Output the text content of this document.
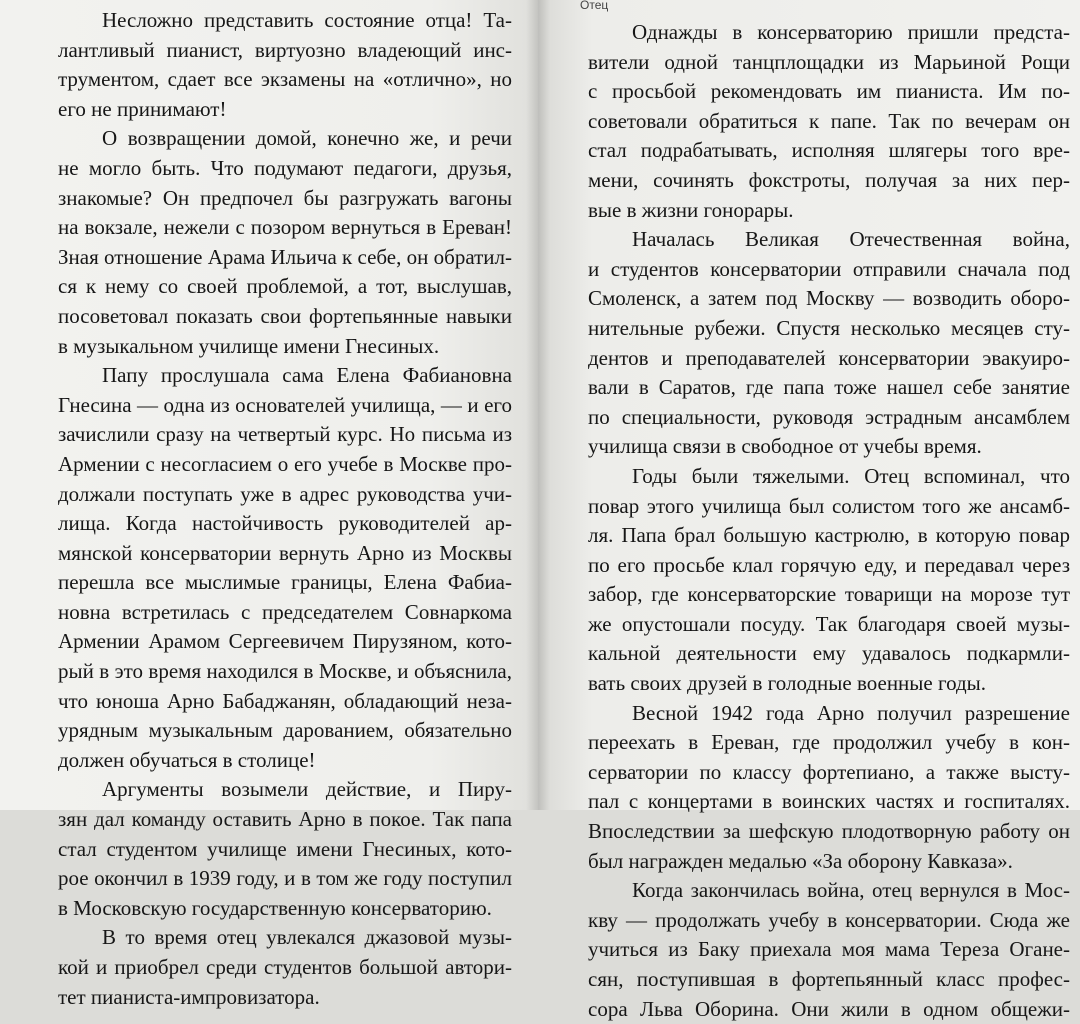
Несложно представить состояние отца! Та-
лантливый пианист, виртуозно владеющий инс-
трументом, сдает все экзамены на «отлично», но
его не принимают!
О возвращении домой, конечно же, и речи
не могло быть. Что подумают педагоги, друзья,
знакомые? Он предпочел бы разгружать вагоны
на вокзале, нежели с позором вернуться в Ереван!
Зная отношение Арама Ильича к себе, он обратил-
ся к нему со своей проблемой, а тот, выслушав,
посоветовал показать свои фортепьянные навыки
в музыкальном училище имени Гнесиных.
Папу прослушала сама Елена Фабиановна
Гнесина — одна из основателей училища, — и его
зачислили сразу на четвертый курс. Но письма из
Армении с несогласием о его учебе в Москве про-
должали поступать уже в адрес руководства учи-
лища. Когда настойчивость руководителей ар-
мянской консерватории вернуть Арно из Москвы
перешла все мыслимые границы, Елена Фабиа-
новна встретилась с председателем Совнаркома
Армении Арамом Сергеевичем Пирузяном, кото-
рый в это время находился в Москве, и объяснила,
что юноша Арно Бабаджанян, обладающий неза-
урядным музыкальным дарованием, обязательно
должен обучаться в столице!
Аргументы возымели действие, и Пиру-
зян дал команду оставить Арно в покое. Так папа
стал студентом училище имени Гнесиных, кото-
рое окончил в 1939 году, и в том же году поступил
в Московскую государственную консерваторию.
В то время отец увлекался джазовой музы-
кой и приобрел среди студентов большой автори-
тет пианиста-импровизатора.
Однажды в консерваторию пришли предста-
вители одной танцплощадки из Марьиной Рощи
с просьбой рекомендовать им пианиста. Им по-
советовали обратиться к папе. Так по вечерам он
стал подрабатывать, исполняя шлягеры того вре-
мени, сочинять фокстроты, получая за них пер-
вые в жизни гонорары.
Началась Великая Отечественная война,
и студентов консерватории отправили сначала под
Смоленск, а затем под Москву — возводить оборо-
нительные рубежи. Спустя несколько месяцев сту-
дентов и преподавателей консерватории эвакуиро-
вали в Саратов, где папа тоже нашел себе занятие
по специальности, руководя эстрадным ансамблем
училища связи в свободное от учебы время.
Годы были тяжелыми. Отец вспоминал, что
повар этого училища был солистом того же ансамб-
ля. Папа брал большую кастрюлю, в которую повар
по его просьбе клал горячую еду, и передавал через
забор, где консерваторские товарищи на морозе тут
же опустошали посуду. Так благодаря своей музы-
кальной деятельности ему удавалось подкармли-
вать своих друзей в голодные военные годы.
Весной 1942 года Арно получил разрешение
переехать в Ереван, где продолжил учебу в кон-
серватории по классу фортепиано, а также высту-
пал с концертами в воинских частях и госпиталях.
Впоследствии за шефскую плодотворную работу он
был награжден медалью «За оборону Кавказа».
Когда закончилась война, отец вернулся в Мос-
кву — продолжать учебу в консерватории. Сюда же
учиться из Баку приехала моя мама Тереза Оганe-
сян, поступившая в фортепьянный класс профес-
сора Льва Оборина. Они жили в одном общежи-
Отец
